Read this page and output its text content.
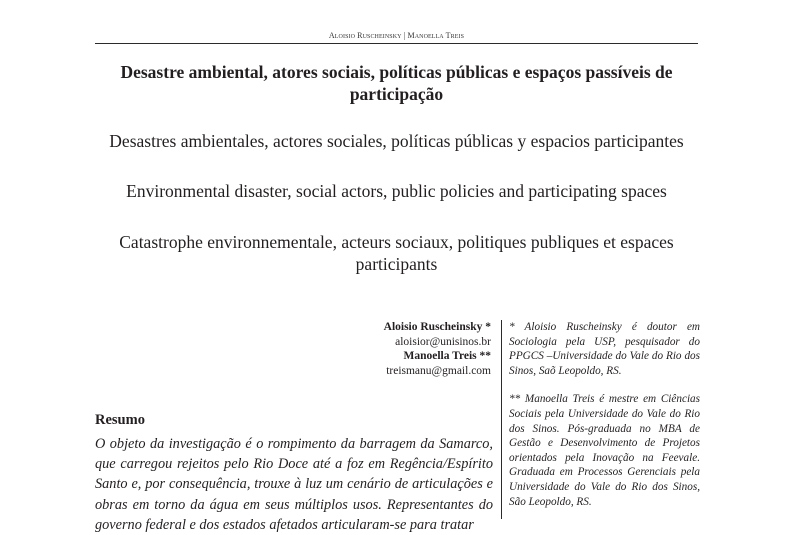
Aloisio Ruscheinsky | Manoella Treis
Desastre ambiental, atores sociais, políticas públicas e espaços passíveis de participação
Desastres ambientales, actores sociales, políticas públicas y espacios participantes
Environmental disaster, social actors, public policies and participating spaces
Catastrophe environnementale, acteurs sociaux, politiques publiques et espaces participants
Aloisio Ruscheinsky *
aloisior@unisinos.br
Manoella Treis **
treismanu@gmail.com

* Aloisio Ruscheinsky é doutor em Sociologia pela USP, pesquisador do PPGCS –Universidade do Vale do Rio dos Sinos, Saõ Leopoldo, RS.

** Manoella Treis é mestre em Ciências Sociais pela Universidade do Vale do Rio dos Sinos. Pós-graduada no MBA de Gestão e Desenvolvimento de Projetos orientados pela Inovação na Feevale. Graduada em Processos Gerenciais pela Universidade do Vale do Rio dos Sinos, São Leopoldo, RS.

Resumo
O objeto da investigação é o rompimento da barragem da Samarco, que carregou rejeitos pelo Rio Doce até a foz em Regência/Espírito Santo e, por consequência, trouxe à luz um cenário de articulações e obras em torno da água em seus múltiplos usos. Representantes do governo federal e dos estados afetados articularam-se para tratar
